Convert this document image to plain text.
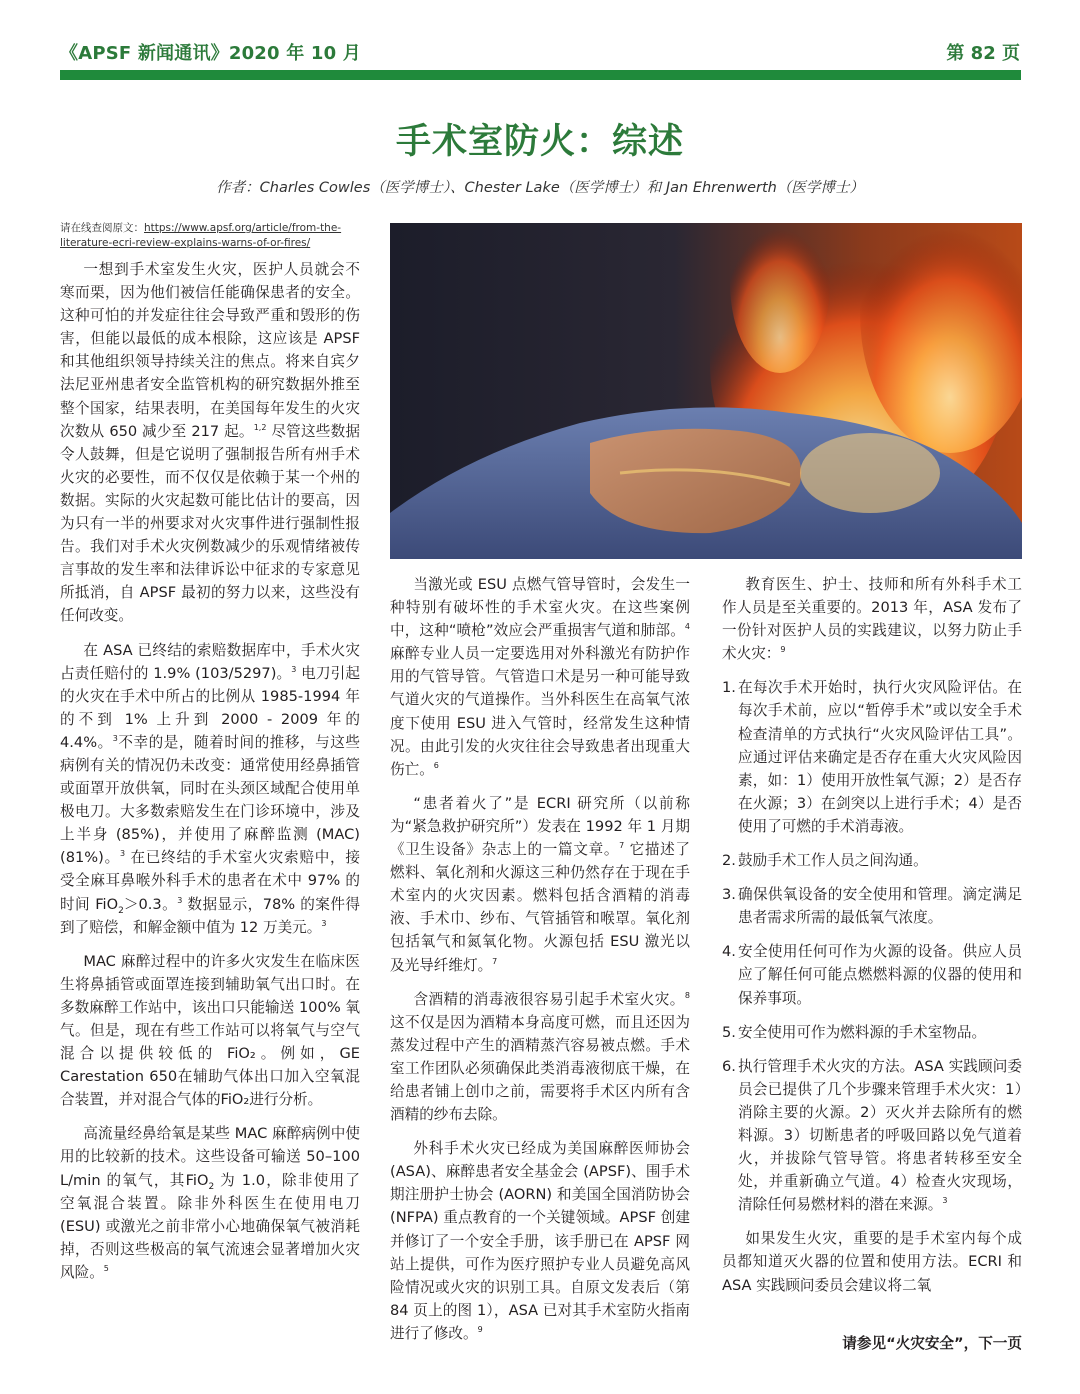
《APSF 新闻通讯》2020 年 10 月	第 82 页
手术室防火：综述
作者：Charles Cowles（医学博士）、Chester Lake（医学博士）和 Jan Ehrenwerth（医学博士）
请在线查阅原文：https://www.apsf.org/article/from-the-literature-ecri-review-explains-warns-of-or-fires/

一想到手术室发生火灾，医护人员就会不寒而栗，因为他们被信任能确保患者的安全。这种可怕的并发症往往会导致严重和毁形的伤害，但能以最低的成本根除，这应该是 APSF 和其他组织领导持续关注的焦点。将来自宾夕法尼亚州患者安全监管机构的研究数据外推至整个国家，结果表明，在美国每年发生的火灾次数从 650 减少至 217 起。$^{1,2}$ 尽管这些数据令人鼓舞，但是它说明了强制报告所有州手术火灾的必要性，而不仅仅是依赖于某一个州的数据。实际的火灾起数可能比估计的要高，因为只有一半的州要求对火灾事件进行强制性报告。我们对手术火灾例数减少的乐观情绪被传言事故的发生率和法律诉讼中征求的专家意见所抵消，自 APSF 最初的努力以来，这些没有任何改变。

在 ASA 已终结的索赔数据库中，手术火灾占责任赔付的 1.9% (103/5297)。$^3$ 电刀引起的火灾在手术中所占的比例从 1985-1994 年的不到 1% 上升到 2000 - 2009 年的 4.4%。$^3$不幸的是，随着时间的推移，与这些病例有关的情况仍未改变：通常使用经鼻插管或面罩开放供氧，同时在头颈区域配合使用单极电刀。大多数索赔发生在门诊环境中，涉及上半身 (85%)，并使用了麻醉监测 (MAC) (81%)。$^3$ 在已终结的手术室火灾索赔中，接受全麻耳鼻喉外科手术的患者在术中 97% 的时间 FiO$_2$＞0.3。$^3$ 数据显示，78% 的案件得到了赔偿，和解金额中值为 12 万美元。$^3$

MAC 麻醉过程中的许多火灾发生在临床医生将鼻插管或面罩连接到辅助氧气出口时。在多数麻醉工作站中，该出口只能输送 100% 氧气。但是，现在有些工作站可以将氧气与空气混合以提供较低的 FiO₂。例如，GE Carestation 650在辅助气体出口加入空氧混合装置，并对混合气体的FiO₂进行分析。

高流量经鼻给氧是某些 MAC 麻醉病例中使用的比较新的技术。这些设备可输送 50–100 L/min 的氧气，其FiO$_2$ 为 1.0，除非使用了 空氧混合装置。除非外科医生在使用电刀 (ESU) 或激光之前非常小心地确保氧气被消耗掉，否则这些极高的氧气流速会显著增加火灾风险。$^5$

当激光或 ESU 点燃气管导管时，会发生一种特别有破坏性的手术室火灾。在这些案例中，这种“喷枪”效应会严重损害气道和肺部。$^4$ 麻醉专业人员一定要选用对外科激光有防护作用的气管导管。气管造口术是另一种可能导致气道火灾的气道操作。当外科医生在高氧气浓度下使用 ESU 进入气管时，经常发生这种情况。由此引发的火灾往往会导致患者出现重大伤亡。$^6$

“患者着火了”是 ECRI 研究所（以前称为“紧急救护研究所”）发表在 1992 年 1 月期《卫生设备》杂志上的一篇文章。$^7$ 它描述了燃料、氧化剂和火源这三种仍然存在于现在手术室内的火灾因素。燃料包括含酒精的消毒液、手术巾、纱布、气管插管和喉罩。氧化剂包括氧气和氮氧化物。火源包括 ESU 激光以及光导纤维灯。$^7$

含酒精的消毒液很容易引起手术室火灾。$^8$ 这不仅是因为酒精本身高度可燃，而且还因为蒸发过程中产生的酒精蒸汽容易被点燃。手术室工作团队必须确保此类消毒液彻底干燥，在给患者铺上创巾之前，需要将手术区内所有含酒精的纱布去除。

外科手术火灾已经成为美国麻醉医师协会 (ASA)、麻醉患者安全基金会 (APSF)、围手术期注册护士协会 (AORN) 和美国全国消防协会 (NFPA) 重点教育的一个关键领域。APSF 创建并修订了一个安全手册，该手册已在 APSF 网站上提供，可作为医疗照护专业人员避免高风险情况或火灾的识别工具。自原文发表后（第 84 页上的图 1），ASA 已对其手术室防火指南进行了修改。$^9$

教育医生、护士、技师和所有外科手术工作人员是至关重要的。2013 年，ASA 发布了一份针对医护人员的实践建议，以努力防止手术火灾：$^9$

1. 在每次手术开始时，执行火灾风险评估。在每次手术前，应以“暂停手术”或以安全手术检查清单的方式执行“火灾风险评估工具”。应通过评估来确定是否存在重大火灾风险因素，如：1）使用开放性氧气源；2）是否存在火源；3）在剑突以上进行手术；4）是否使用了可燃的手术消毒液。
2. 鼓励手术工作人员之间沟通。
3. 确保供氧设备的安全使用和管理。滴定满足患者需求所需的最低氧气浓度。
4. 安全使用任何可作为火源的设备。供应人员应了解任何可能点燃燃料源的仪器的使用和保养事项。
5. 安全使用可作为燃料源的手术室物品。
6. 执行管理手术火灾的方法。ASA 实践顾问委员会已提供了几个步骤来管理手术火灾：1）消除主要的火源。2）灭火并去除所有的燃料源。3）切断患者的呼吸回路以免气道着火，并拔除气管导管。将患者转移至安全处，并重新确立气道。4）检查火灾现场，清除任何易燃材料的潜在来源。$^3$

如果发生火灾，重要的是手术室内每个成员都知道灭火器的位置和使用方法。ECRI 和 ASA 实践顾问委员会建议将二氧

请参见“火灾安全”，下一页
